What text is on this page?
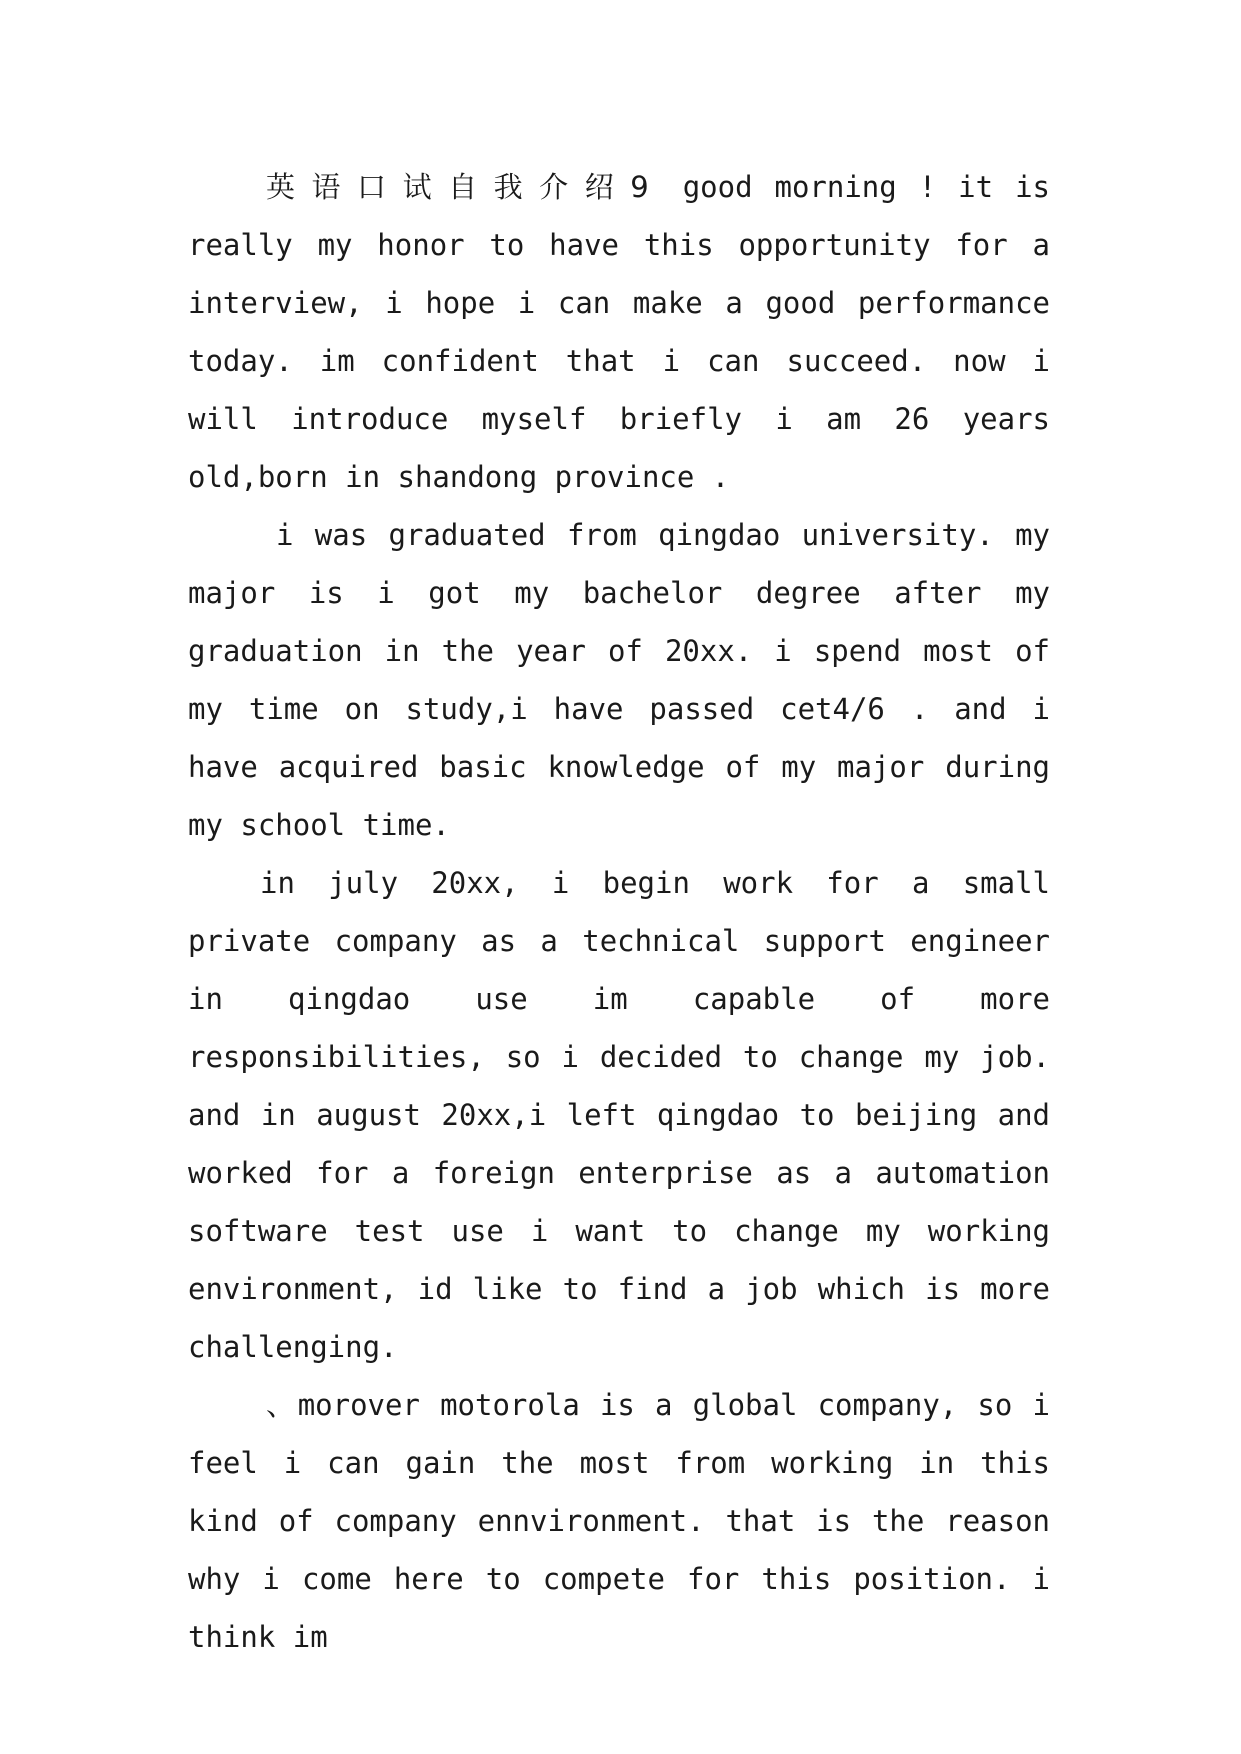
英语口试自我介绍9 good morning ! it is really my honor to have this opportunity for a interview, i hope i can make a good performance today. im confident that i can succeed. now i will introduce myself briefly i am 26 years old,born in shandong province .

i was graduated from qingdao university. my major is i got my bachelor degree after my graduation in the year of 20xx. i spend most of my time on study,i have passed cet4/6 . and i have acquired basic knowledge of my major during my school time.

in july 20xx, i begin work for a small private company as a technical support engineer in qingdao use im capable of more responsibilities, so i decided to change my job. and in august 20xx,i left qingdao to beijing and worked for a foreign enterprise as a automation software test use i want to change my working environment, id like to find a job which is more challenging.

、morover motorola is a global company, so i feel i can gain the most from working in this kind of company ennvironment. that is the reason why i come here to compete for this position. i think im
